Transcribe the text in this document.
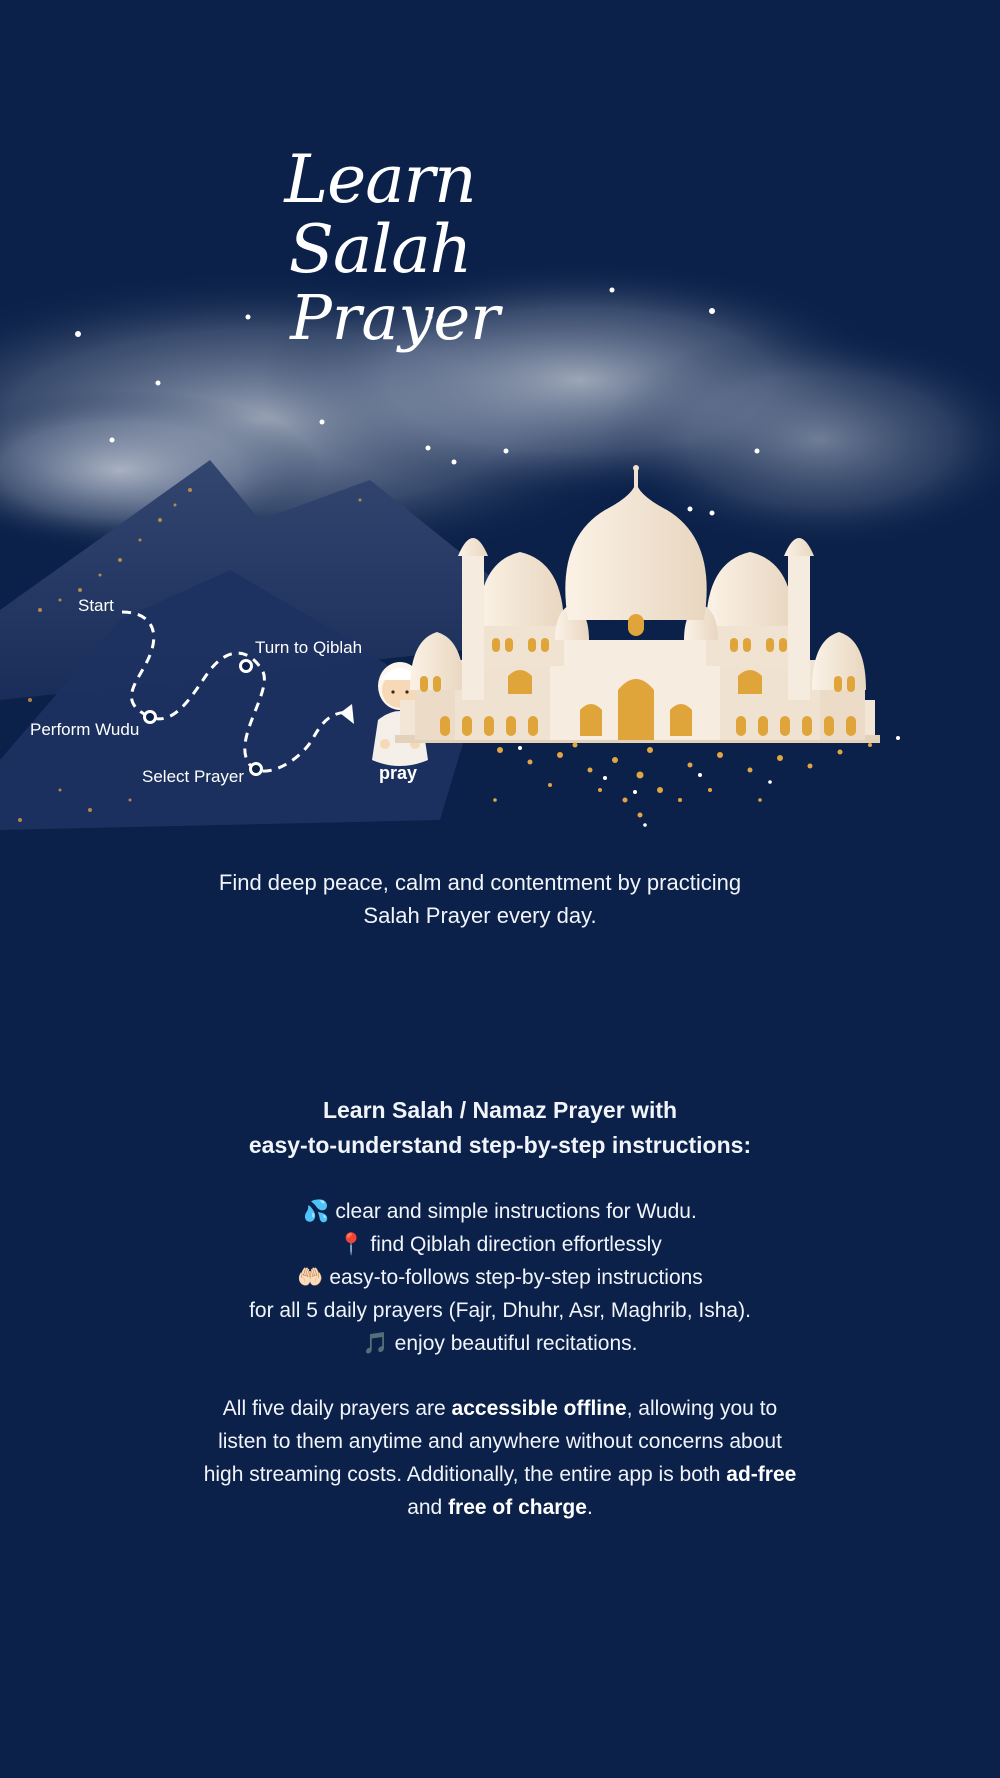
Learn Salah
Prayer
Start
Turn to Qiblah
Perform Wudu
Select Prayer	pray
Find deep peace, calm and contentment by practicing
Salah Prayer every day.
Learn Salah / Namaz Prayer with
easy-to-understand step-by-step instructions:
💦 clear and simple instructions for Wudu.
📍 find Qiblah direction effortlessly
🤲🏻 easy-to-follows step-by-step instructions
for all 5 daily prayers (Fajr, Dhuhr, Asr, Maghrib, Isha).
🎵 enjoy beautiful recitations.
All five daily prayers are accessible offline, allowing you to listen to them anytime and anywhere without concerns about high streaming costs. Additionally, the entire app is both ad-free and free of charge.
